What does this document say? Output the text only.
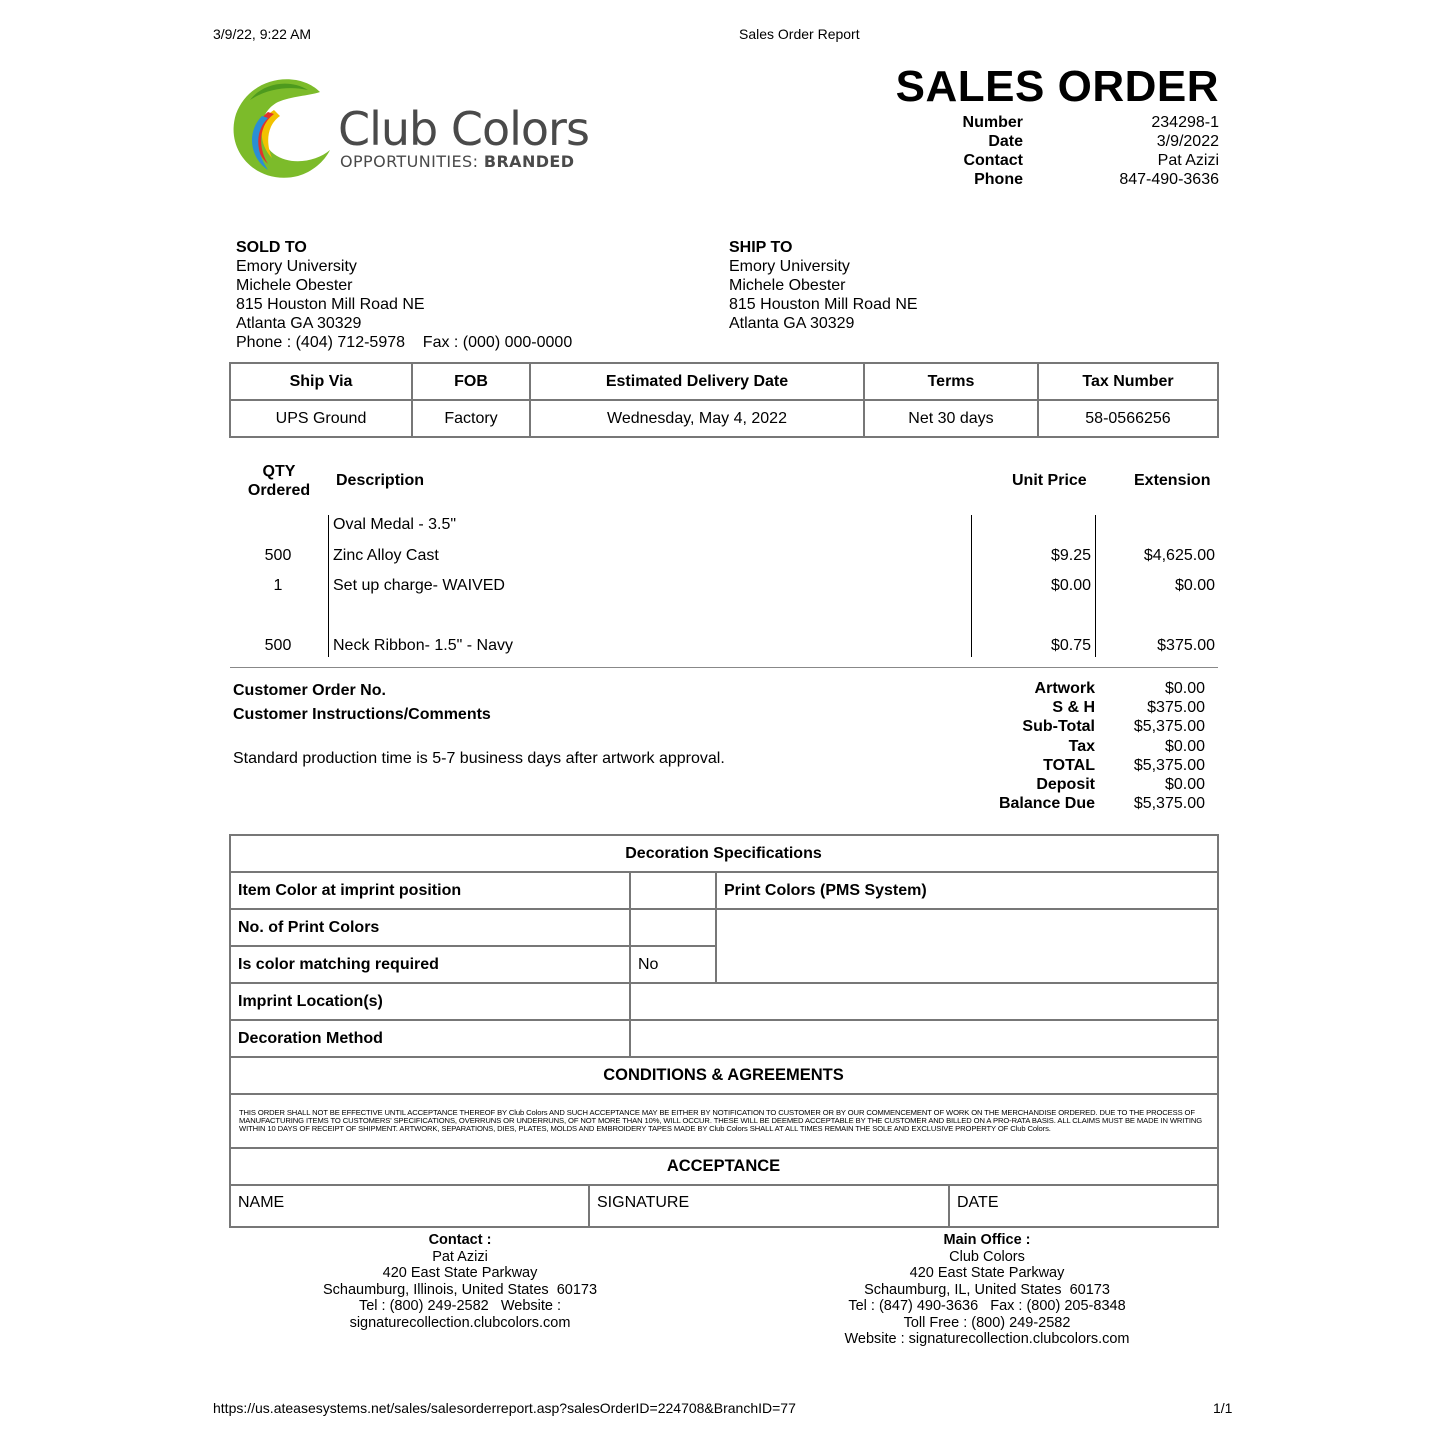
3/9/22, 9:22 AM	Sales Order Report
Club Colors
OPPORTUNITIES: BRANDED
SALES ORDER
Number	234298-1
Date	3/9/2022
Contact	Pat Azizi
Phone	847-490-3636
SOLD TO
Emory University
Michele Obester
815 Houston Mill Road NE
Atlanta GA 30329
Phone : (404) 712-5978    Fax : (000) 000-0000
SHIP TO
Emory University
Michele Obester
815 Houston Mill Road NE
Atlanta GA 30329
Ship Via	FOB	Estimated Delivery Date	Terms	Tax Number
UPS Ground	Factory	Wednesday, May 4, 2022	Net 30 days	58-0566256
QTY
Ordered
Description	Unit Price	Extension
Oval Medal - 3.5"
500	Zinc Alloy Cast	$9.25	$4,625.00
1	Set up charge- WAIVED	$0.00	$0.00
500	Neck Ribbon- 1.5" - Navy	$0.75	$375.00
Customer Order No.
Customer Instructions/Comments
Standard production time is 5-7 business days after artwork approval.
Artwork	$0.00
S & H	$375.00
Sub-Total	$5,375.00
Tax	$0.00
TOTAL	$5,375.00
Deposit	$0.00
Balance Due	$5,375.00
Decoration Specifications		
Item Color at imprint position		Print Colors (PMS System)
No. of Print Colors		
Is color matching required	No	
Imprint Location(s)		
Decoration Method		
CONDITIONS & AGREEMENTS		

THIS ORDER SHALL NOT BE EFFECTIVE UNTIL ACCEPTANCE THEREOF BY Club Colors AND SUCH ACCEPTANCE MAY BE EITHER BY NOTIFICATION TO CUSTOMER OR BY OUR COMMENCEMENT OF WORK ON THE MERCHANDISE ORDERED. DUE TO THE PROCESS OF MANUFACTURING ITEMS TO CUSTOMERS' SPECIFICATIONS, OVERRUNS OR UNDERRUNS, OF NOT MORE THAN 10%, WILL OCCUR. THESE WILL BE DEEMED ACCEPTABLE BY THE CUSTOMER AND BILLED ON A PRO-RATA BASIS. ALL CLAIMS MUST BE MADE IN WRITING WITHIN 10 DAYS OF RECEIPT OF SHIPMENT. ARTWORK, SEPARATIONS, DIES, PLATES, MOLDS AND EMBROIDERY TAPES MADE BY Club Colors SHALL AT ALL TIMES REMAIN THE SOLE AND EXCLUSIVE PROPERTY OF Club Colors.		

ACCEPTANCE		

NAME SIGNATURE DATE		
Contact :
Pat Azizi
420 East State Parkway
Schaumburg, Illinois, United States  60173
Tel : (800) 249-2582   Website :
signaturecollection.clubcolors.com
Main Office :
Club Colors
420 East State Parkway
Schaumburg, IL, United States  60173
Tel : (847) 490-3636   Fax : (800) 205-8348
Toll Free : (800) 249-2582
Website : signaturecollection.clubcolors.com
https://us.ateasesystems.net/sales/salesorderreport.asp?salesOrderID=224708&BranchID=77	1/1
